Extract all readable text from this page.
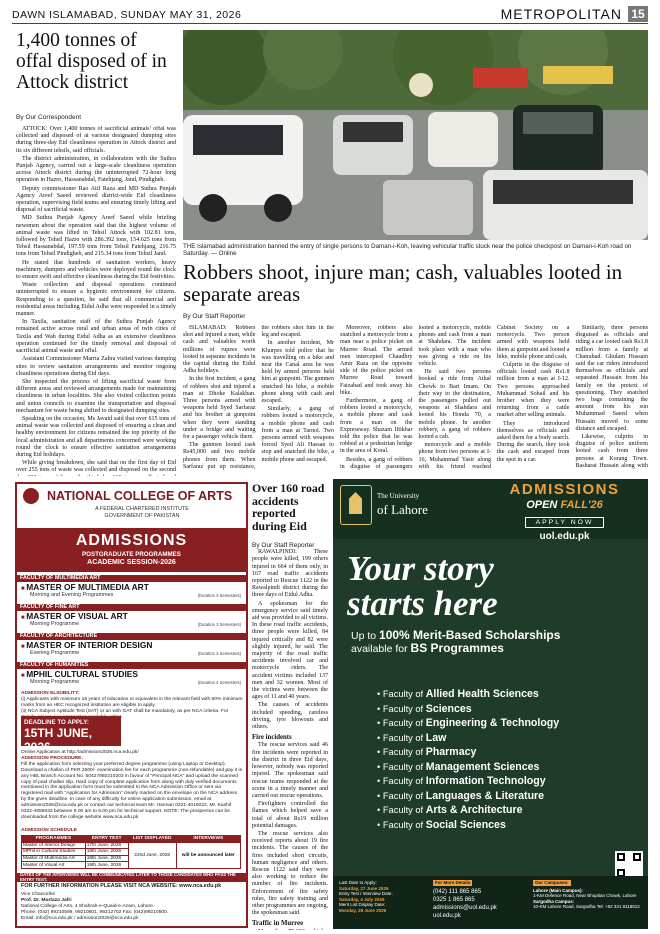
DAWN ISLAMABAD, SUNDAY MAY 31, 2026	METROPOLITAN 15
1,400 tonnes of offal disposed of in Attock district
By Our Correspondent

ATTOCK: Over 1,400 tonnes of sacrificial animals’ offal was collected and disposed of at various designated dumping sites during three-day Eid cleanliness operation in Attock district and its six different tehsils, said officials.

The district administration, in collaboration with the Suthra Punjab Agency, carried out a large-scale cleanliness operation across Attock district during the uninterrupted 72-hour long operation in Hazro, Hassanabdal, Fatehjang, Jand, Pindigheb.

Deputy commissioner Rao Atif Raza and MD Suthra Punjab Agency Areef Saeed reviewed district-wide Eid cleanliness operation, supervising field teams and ensuring timely lifting and disposal of sacrificial waste.

MD Suthra Punjab Agency Areef Saeed while briefing newsmen about the operation said that the highest volume of animal waste was lifted in Tehsil Attock with 102.81 tons, followed by Tehsil Hazro with 286.392 tons, 154.625 tons from Tehsil Hassanabdal, 197.59 tons from Tehsil Fatehjang, 216.75 tons from Tehsil Pindigheb, and 215.34 tons from Tehsil Jand.

He stated that hundreds of sanitation workers, heavy machinery, dumpers and vehicles were deployed round the clock to ensure swift and effective cleanliness during the Eid festivities.

Waste collection and disposal operations continued uninterrupted to ensure a hygienic environment for citizens. Responding to a question, he said that all commercial and residential areas including Eidul Adha were responded in a timely manner.

In Taxila, sanitation staff of the Suthra Punjab Agency remained active across rural and urban areas of twin cities of Taxila and Wah during Eidul Adha as an extensive cleanliness operation continued for the timely removal and disposal of sacrificial animal waste and offal.

Assistant Commissioner Marria Zahra visited various dumping sites to review sanitation arrangements and monitor ongoing cleanliness operations during Eid days.

She inspected the process of lifting sacrificial waste from different areas and reviewed arrangements made for maintaining cleanliness in urban localities. She also visited collection points and union councils to examine the transportation and disposal mechanism for waste being shifted to designated dumping sites.

Speaking on the occasion, Ms Javaid said that over 615 tons of animal waste was collected and disposed of ensuring a clean and healthy environment for citizens remained the top priority of the local administration and all departments concerned were working round the clock to ensure effective sanitation arrangements during Eid holidays.

While giving breakdown, she said that on the first day of Eid over 255 tons of waste was collected and disposed on the second

THE Islamabad administration banned the entry of single persons to Daman-i-Koh, leaving vehicular traffic stuck near the police checkpost on Daman-i-Koh road on Saturday. — Online
Robbers shoot, injure man; cash, valuables looted in separate areas
By Our Staff Reporter

ISLAMABAD: Robbers shot and injured a man, while cash and valuables worth millions of rupees were looted in separate incidents in the capital during the Eidul Adha holidays.

In the first incident, a gang of robbers shot and injured a man at Dhoke Kalakhan. Three persons armed with weapons held Syed Sarfaraz and his brother at gunpoint when they were standing under a bridge and waiting for a passenger vehicle there.

The gunmen looted cash Rs45,000 and two mobile phones from them. When Sarfaraz put up resistance, the robbers shot him in the leg and escaped.

In another incident, Mr Khurpes told police that he was travelling on a bike and near the Canal area he was held by armed persons held him at gunpoint. The gunmen snatched his bike, a mobile phone along with cash and escaped.

Similarly, a gang of robbers looted a motorcycle, a mobile phone and cash from a man at Tarnol. Two persons armed with weapons forced Syed Ali Hassan to stop and snatched the bike, a mobile phone and escaped.

Moreover, robbers also snatched a motorcycle from a man near a police picket on Murree Road. The armed men intercepted Chaudhry Amir Raza on the opposite side of the police picket on Murree Road toward Faizabad and took away his bike.

Furthermore, a gang of robbers looted a motorcycle, a mobile phone and cash from a man on the Expressway. Shazam Iftikhar told the police that he was robbed at a pedestrian bridge in the area of Koral.

Besides, a gang of robbers in disguise of passengers looted a motorcycle, mobile phones and cash from a man at Shahdara. The incident took place with a man who was giving a ride on his vehicle.

He said two persons booked a ride from Athal Chowk to Bari Imam. On their way to the destination, the passengers pulled out weapons at Shahdara and looted his Honda 70, a mobile phone. In another robbery, a gang of robbers looted a cab.

motorcycle and a mobile phone from two persons at I-16, Muhammad Yasir along with his friend reached Cabinet Society on a motorcycle. Two person armed with weapons held them at gunpoint and looted a bike, mobile phone and cash.

Culprits in the disguise of officials looted cash Rs1.8 million from a man at I-12. Two persons approached Muhammad Sohail and his brother when they were returning from a cattle market after selling animals.

They introduced themselves as officials and asked them for a body search. During the search, they took the cash and escaped from the spot in a car.

Similarly, three persons disguised as officials and riding a car looted cash Rs1.8 million from a family at Chatrabad. Ghulam Hussain said the car riders introduced themselves as officials and separated Hussain from his family on the pretext of questioning. They snatched two bags containing the amount from his son Muhammad Saeed when Hussain moved to some distance and escaped.

Likewise, culprits in disguise of police uniform looted cash from three persons at Korang Town. Basharat Hussain along with

NATIONAL COLLEGE OF ARTS
A FEDERAL CHARTERED INSTITUTE
GOVERNMENT OF PAKISTAN
ADMISSIONS
POSTGRADUATE PROGRAMMES
ACADEMIC SESSION-2026
FACULTY OF MULTIMEDIA ART
■ MASTER OF MULTIMEDIA ART
Morning and Evening Programmes	(Duration 3 Semesters)
FACULTY OF FINE ART
■ MASTER OF VISUAL ART
Morning Programme	(Duration 3 Semesters)
FACULTY OF ARCHITECTURE
■ MASTER OF INTERIOR DESIGN
Evening Programme	(Duration 3 Semesters)
FACULTY OF HUMANITIES
■ MPHIL CULTURAL STUDIES
Morning Programme	(Duration 4 Semesters)
ADMISSION ELIGIBILITY:
(i) Applicants with minimum 16 years of education or equivalent in the relevant field with 60% minimum marks from an HEC recognized institution are eligible to apply.
(ii) NCA Subject Aptitude Test (SAT) or an with GAT shall be mandatory, as per NCA criteria. For
DEADLINE TO APPLY:
15TH JUNE, 2026
Online Application at http://admission2026.nca.edu.pk/
ADMISSION PROCEDURE:
Fill the application form selecting your preferred degree programme (using Laptop or Desktop). Download a challan of PKR 2500/- examination fee for each programme (non-refundable) and pay it in any HBL Branch Account No. 50427992210203 in favour of "Principal NCA" and upload the scanned copy of paid challan slip. Hard copy of complete application form along with duly verified documents mentioned in the application form must be submitted to the NCA Admission Office or sent via registered mail with "Application for Admission" clearly marked on the envelope on the NCA address by the given deadline. In case of any difficulty for online application submission, email at admission2026@nca.edu.pk or contact our technical team Mr. Harman 0321-4016022, Mr. Kashif 0322-4956932 between 9.00 am to 6.00 pm for technical support. NOTE: The prospectus can be downloaded from the college website www.nca.edu.pk
ADMISSION SCHEDULE
PROGRAMMES	ENTRY TEST	LIST DISPLAYED	INTERVIEWS
Master of Interior Design	17th June, 2026	22nd June, 2026	will be announced later
MPhil in Cultural Studies	18th June, 2026		
Master of Multimedia Art	18th June, 2026		
Master of Visual Art	19th June, 2026		
DATES OF THE INTERVIEWS WILL BE COMMUNICATED LATER TO THOSE CANDIDATES WHO PASS THE ENTRY TEST.
FOR FURTHER INFORMATION PLEASE VISIT NCA WEBSITE: www.nca.edu.pk
Vice Chancellor
Prof. Dr. Murtaza Jafri
National College of Arts, 4 Shahrah-e-Quaid-e-Azam, Lahore.
Phone: (042) 99210599, 99210601, 99212702 Fax: (042)99210500.
Email: info@nca.edu.pk / admission2026@nca.edu.pk
Over 160 road accidents reported during Eid
By Our Staff Reporter

RAWALPINDI: These people were killed, 199 others injured in 664 of them only, in 167 road traffic accidents reported to Rescue 1122 in the Rawalpindi district during the three days of Eidul Adha.

A spokesman for the emergency service said timely aid was provided to all victims. In these road traffic accidents, three people were killed, 84 injured critically and 82 were slightly injured, he said. The majority of the road traffic accidents involved car and motorcycle riders. The accident victims included 137 men and 32 women. Most of the victims were between the ages of 11 and 40 years.

The causes of accidents included speeding, careless driving, tyre blowouts and others.

Fire incidents

The rescue services said 46 fire incidents were reported in the district in three Eid days, however, nobody was reported injured. The spokesman said rescue teams responded at the scene in a timely manner and carried out rescue operations.

Firefighters controlled the flames which helped save a total of about Rs19 million potential damages.

The rescue services also received reports about 19 fire incidents. The causes of the fires included short circuits, human negligence and others. Rescue 1122 said they were also working to reduce the number of fire incidents. Enforcement of fire safety rules, fire safety training and other programmes are ongoing, the spokesman said.

Traffic in Murree

The University
of Lahore
ADMISSIONS
OPEN FALL'26
APPLY NOW
uol.edu.pk
Your story
starts here
Up to 100% Merit-Based Scholarships
available for BS Programmes
• Faculty of Allied Health Sciences
• Faculty of Sciences
• Faculty of Engineering & Technology
• Faculty of Law
• Faculty of Pharmacy
• Faculty of Management Sciences
• Faculty of Information Technology
• Faculty of Languages & Literature
• Faculty of Arts & Architecture
• Faculty of Social Sciences
Last Date to Apply:
Saturday, 27 June 2026
Entry Test / Interview Date:
Saturday, 4 July 2026
Merit List Display Date:
Monday, 29 June 2026
For More Details
(042) 111 865 865
0325 1 865 865
admissions@uol.edu.pk
uol.edu.pk
Our Campuses:
Lahore (Main Campus):
1-KM Defence Road, Near Bhuptian Chowk, Lahore
Sargodha Campus:
10-KM Lahore Road, Sargodha Tel: +92 331 8118912
